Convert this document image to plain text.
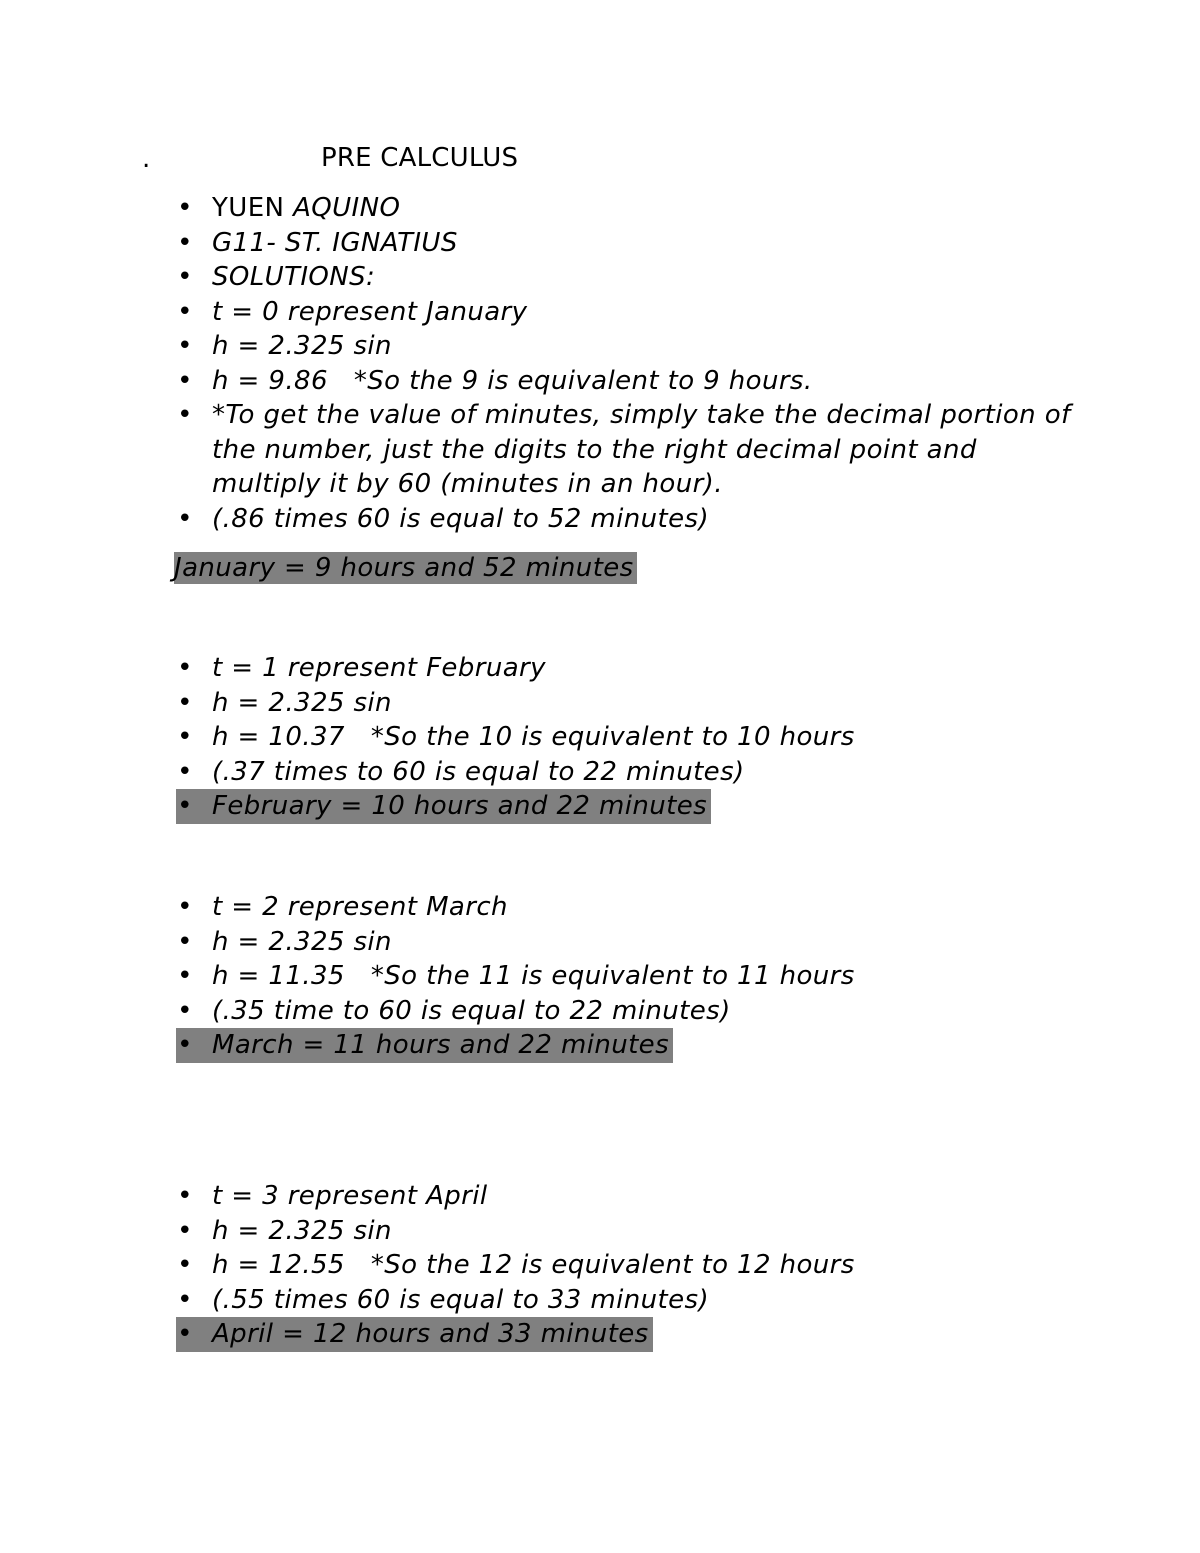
.	PRE CALCULUS
• YUEN AQUINO
• G11- ST. IGNATIUS
• SOLUTIONS:
• t = 0 represent January
• h = 2.325 sin
• h = 9.86   *So the 9 is equivalent to 9 hours.
• *To get the value of minutes, simply take the decimal portion of the number, just the digits to the right decimal point and multiply it by 60 (minutes in an hour).
• (.86 times 60 is equal to 52 minutes)
January = 9 hours and 52 minutes
• t = 1 represent February
• h = 2.325 sin
• h = 10.37   *So the 10 is equivalent to 10 hours
• (.37 times to 60 is equal to 22 minutes)
• February = 10 hours and 22 minutes
• t = 2 represent March
• h = 2.325 sin
• h = 11.35   *So the 11 is equivalent to 11 hours
• (.35 time to 60 is equal to 22 minutes)
• March = 11 hours and 22 minutes
• t = 3 represent April
• h = 2.325 sin
• h = 12.55   *So the 12 is equivalent to 12 hours
• (.55 times 60 is equal to 33 minutes)
• April = 12 hours and 33 minutes
